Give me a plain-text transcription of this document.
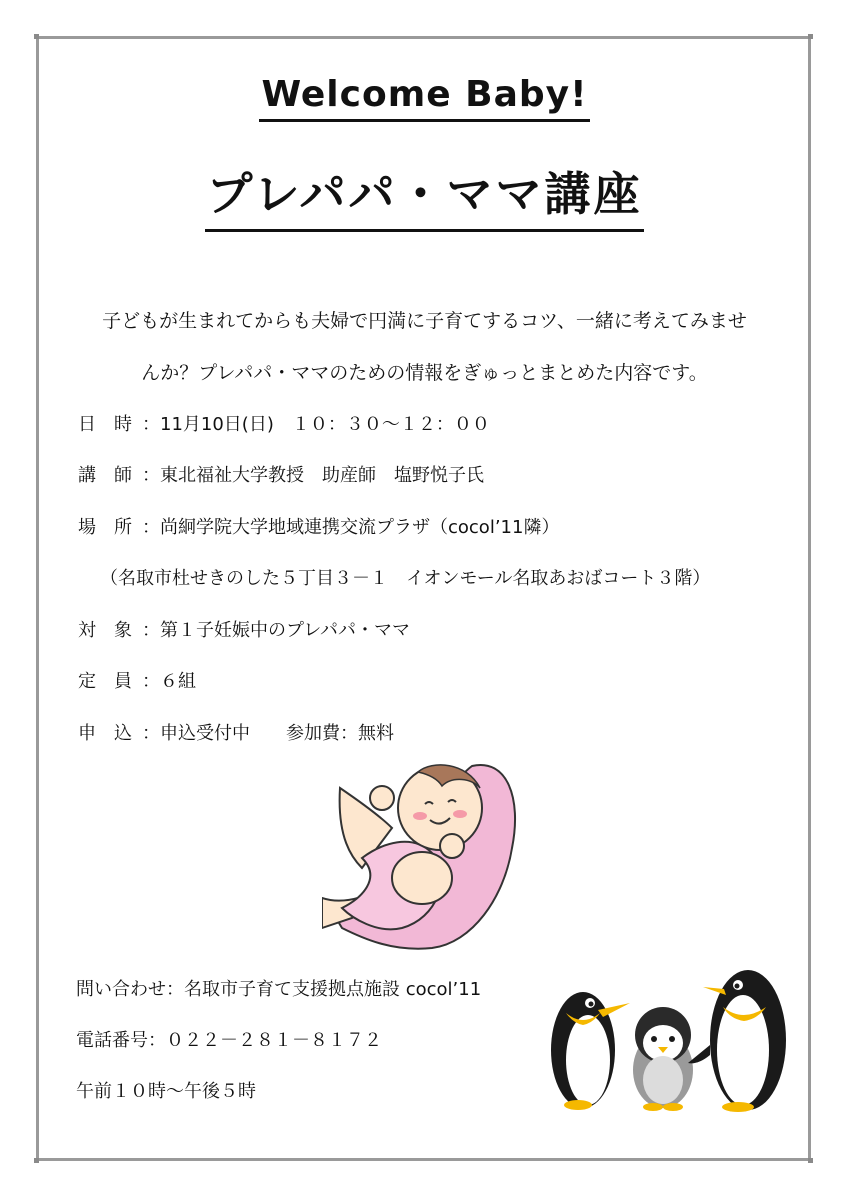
Welcome Baby!
プレパパ・ママ講座
子どもが生まれてからも夫婦で円満に子育てするコツ、一緒に考えてみませ
んか？プレパパ・ママのための情報をぎゅっとまとめた内容です。
日　時 ：11月10日(日)　１０：３０～１２：００
講　師 ：東北福祉大学教授　助産師　塩野悦子氏
場　所 ：尚絅学院大学地域連携交流プラザ（cocol’11隣）
（名取市杜せきのした５丁目３－１　イオンモール名取あおばコート３階）
対　象 ：第１子妊娠中のプレパパ・ママ
定　員 ：６組
申　込 ：申込受付中　　参加費：無料
問い合わせ：名取市子育て支援拠点施設 cocol’11
電話番号：０２２－２８１－８１７２
午前１０時～午後５時
